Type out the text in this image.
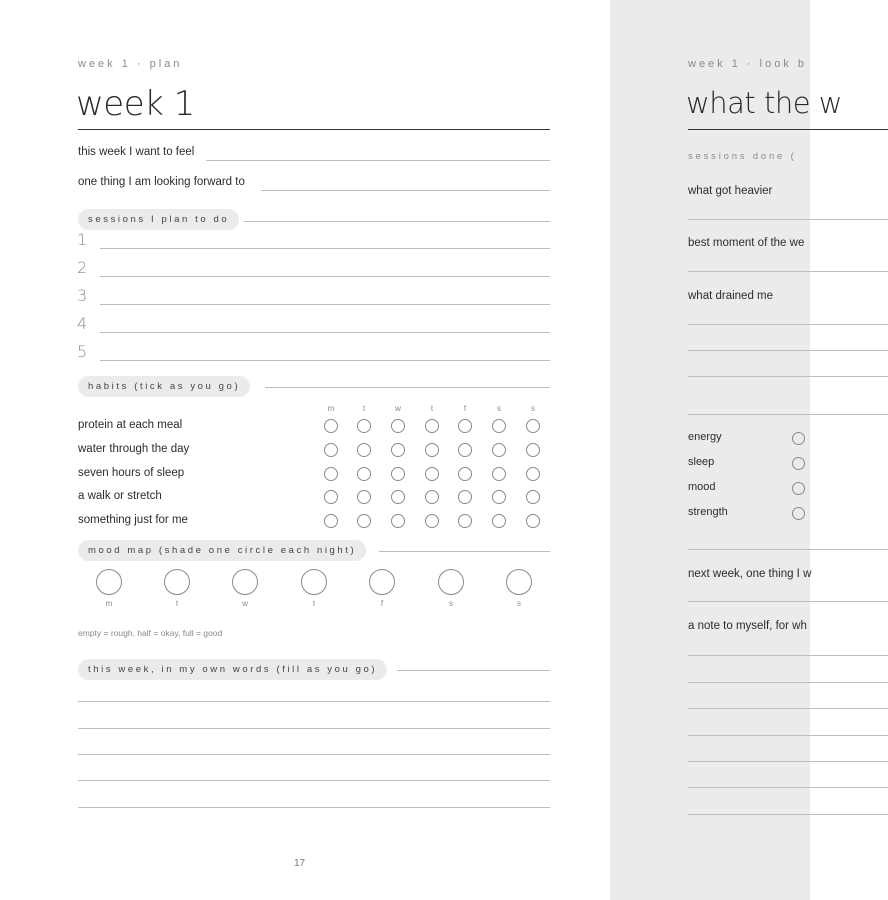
week 1 · plan
week 1
this week I want to feel
one thing I am looking forward to
sessions I plan to do
1
2
3
4
5
habits (tick as you go)
m	t	w	t	f	s	s
protein at each meal
water through the day
seven hours of sleep
a walk or stretch
something just for me
mood map (shade one circle each night)
m	t	w	t	f	s	s
empty = rough, half = okay, full = good
this week, in my own words (fill as you go)
17
week 1 · look b
what the w
sessions done (
what got heavier
best moment of the we
what drained me
energy
sleep
mood
strength
next week, one thing I w
a note to myself, for wh
